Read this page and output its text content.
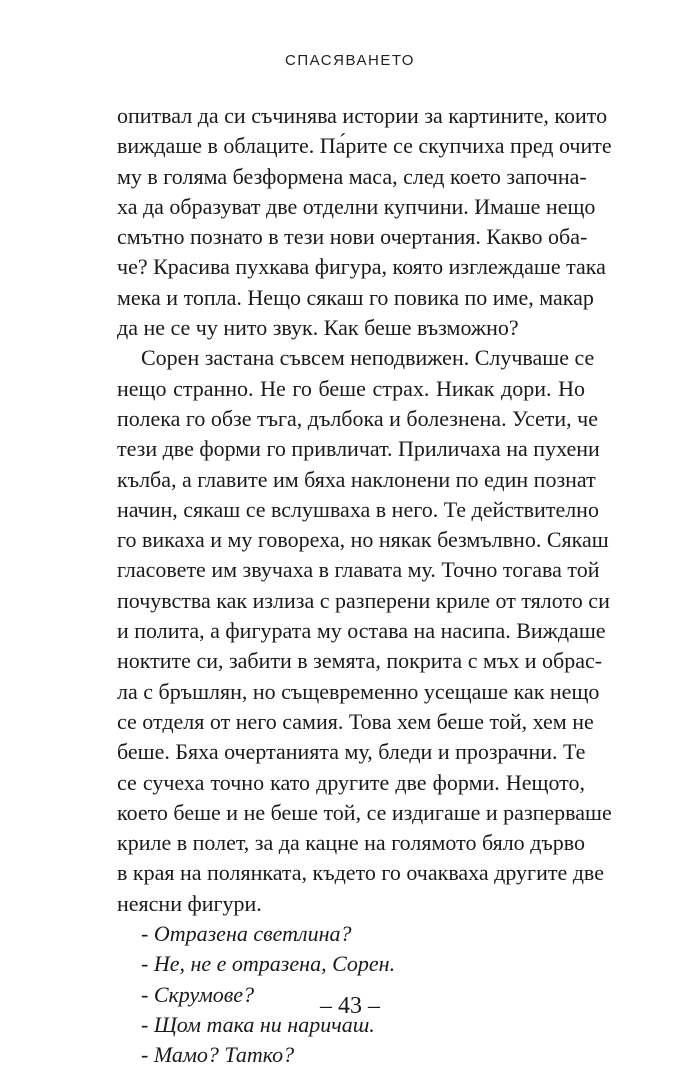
СПАСЯВАНЕТО
опитвал да си съчинява истории за картините, които
виждаше в облаците. Па́рите се скупчиха пред очите
му в голяма безформена маса, след което започна-
ха да образуват две отделни купчини. Имаше нещо
смътно познато в тези нови очертания. Какво оба-
че? Красива пухкава фигура, която изглеждаше така
мека и топла. Нещо сякаш го повика по име, макар
да не се чу нито звук. Как беше възможно?
Сорен застана съвсем неподвижен. Случваше се
нещо странно. Не го беше страх. Никак дори. Но
полека го обзе тъга, дълбока и болезнена. Усети, че
тези две форми го привличат. Приличаха на пухени
кълба, а главите им бяха наклонени по един познат
начин, сякаш се вслушваха в него. Те действително
го викаха и му говореха, но някак безмълвно. Сякаш
гласовете им звучаха в главата му. Точно тогава той
почувства как излиза с разперени криле от тялото си
и полита, а фигурата му остава на насипа. Виждаше
ноктите си, забити в земята, покрита с мъх и обрас-
ла с бръшлян, но същевременно усещаше как нещо
се отделя от него самия. Това хем беше той, хем не
беше. Бяха очертанията му, бледи и прозрачни. Те
се сучеха точно като другите две форми. Нещото,
което беше и не беше той, се издигаше и разперваше
криле в полет, за да кацне на голямото бяло дърво
в края на полянката, където го очакваха другите две
неясни фигури.
- Отразена светлина?
- Не, не е отразена, Сорен.
- Скрумове?
- Щом така ни наричаш.
- Мамо? Татко?
– 43 –
